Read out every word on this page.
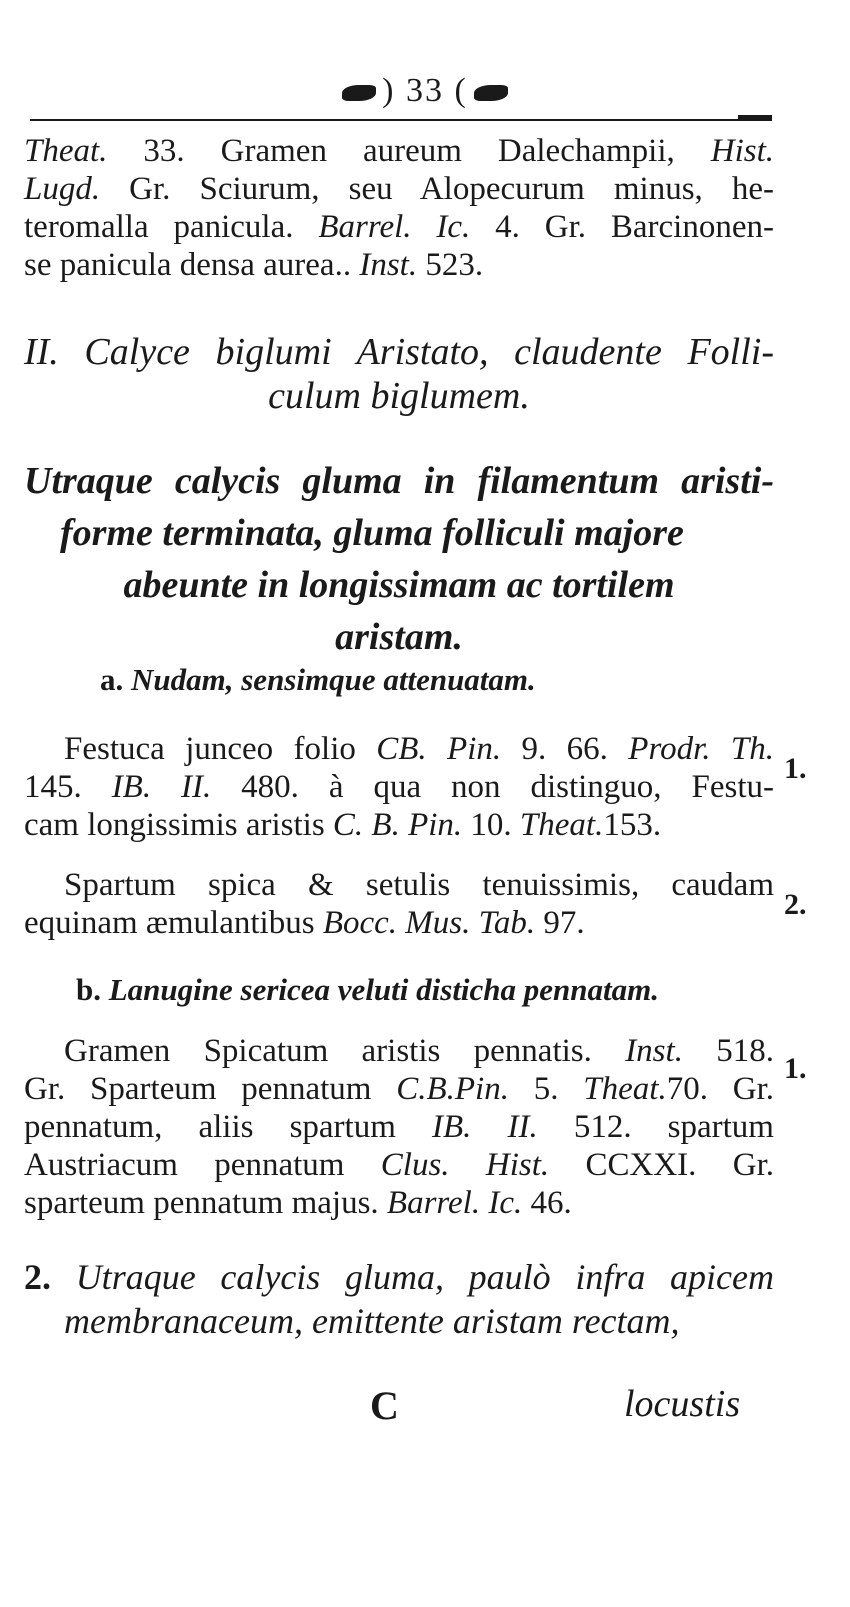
) 33 (

Theat. 33. Gramen aureum Dalechampii, Hist.
Lugd. Gr. Sciurum, seu Alopecurum minus, he-
teromalla panicula. Barrel. Ic. 4. Gr. Barcinonen-
se panicula densa aurea.. Inst. 523.

II. Calyce biglumi Aristato, claudente Folli-
culum biglumem.

Utraque calycis gluma in filamentum aristi-
forme terminata, gluma folliculi majore
abeunte in longissimam ac tortilem
aristam.

a. Nudam, sensimque attenuatam.

Festuca junceo folio CB. Pin. 9. 66. Prodr. Th.
145. IB. II. 480. à qua non distinguo, Festu-
cam longissimis aristis C. B. Pin. 10. Theat.153.

1.

Spartum spica & setulis tenuissimis, caudam
equinam æmulantibus Bocc. Mus. Tab. 97.

2.

b. Lanugine sericea veluti disticha pennatam.

Gramen Spicatum aristis pennatis. Inst. 518.
Gr. Sparteum pennatum C.B.Pin. 5. Theat.70. Gr.
pennatum, aliis spartum IB. II. 512. spartum
Austriacum pennatum Clus. Hist. CCXXI. Gr.
sparteum pennatum majus. Barrel. Ic. 46.

1.

2. Utraque calycis gluma, paulò infra apicem
membranaceum, emittente aristam rectam,

C	locustis
